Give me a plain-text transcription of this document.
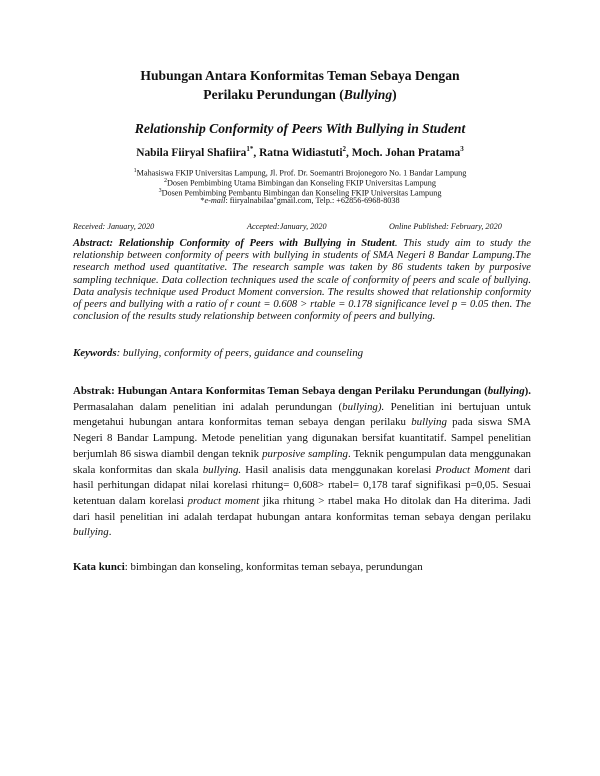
Hubungan Antara Konformitas Teman Sebaya Dengan
Perilaku Perundungan (Bullying)
Relationship Conformity of Peers With Bullying in Student
Nabila Fiiryal Shafiira$^{1*}$, Ratna Widiastuti$^2$, Moch. Johan Pratama$^3$
$^1$Mahasiswa FKIP Universitas Lampung, Jl. Prof. Dr. Soemantri Brojonegoro No. 1 Bandar Lampung
$^2$Dosen Pembimbing Utama Bimbingan dan Konseling FKIP Universitas Lampung
$^3$Dosen Pembimbing Pembantu Bimbingan dan Konseling FKIP Universitas Lampung
*e-mail: fiiryalnabilaa"gmail.com, Telp.: +62856-6968-8038
Received: January, 2020	Accepted:January, 2020	Online Published: February, 2020
Abstract: Relationship Conformity of Peers with Bullying in Student. This study aim to study the relationship between conformity of peers with bullying in students of SMA Negeri 8 Bandar Lampung.The research method used quantitative. The research sample was taken by 86 students taken by purposive sampling technique. Data collection techniques used the scale of conformity of peers and scale of bullying. Data analysis technique used Product Moment conversion. The results showed that relationship conformity of peers and bullying with a ratio of r count = 0.608 > rtable = 0.178 significance level p = 0.05 then. The conclusion of the results study relationship between conformity of peers and bullying.
Keywords: bullying, conformity of peers, guidance and counseling
Abstrak: Hubungan Antara Konformitas Teman Sebaya dengan Perilaku Perundungan (bullying). Permasalahan dalam penelitian ini adalah perundungan (bullying). Penelitian ini bertujuan untuk mengetahui hubungan antara konformitas teman sebaya dengan perilaku bullying pada siswa SMA Negeri 8 Bandar Lampung. Metode penelitian yang digunakan bersifat kuantitatif. Sampel penelitian berjumlah 86 siswa diambil dengan teknik purposive sampling. Teknik pengumpulan data menggunakan skala konformitas dan skala bullying. Hasil analisis data menggunakan korelasi Product Moment dari hasil perhitungan didapat nilai korelasi rhitung= 0,608> rtabel= 0,178 taraf signifikasi p=0,05. Sesuai ketentuan dalam korelasi product moment jika rhitung > rtabel maka Ho ditolak dan Ha diterima. Jadi dari hasil penelitian ini adalah terdapat hubungan antara konformitas teman sebaya dengan perilaku bullying.
Kata kunci: bimbingan dan konseling, konformitas teman sebaya, perundungan
